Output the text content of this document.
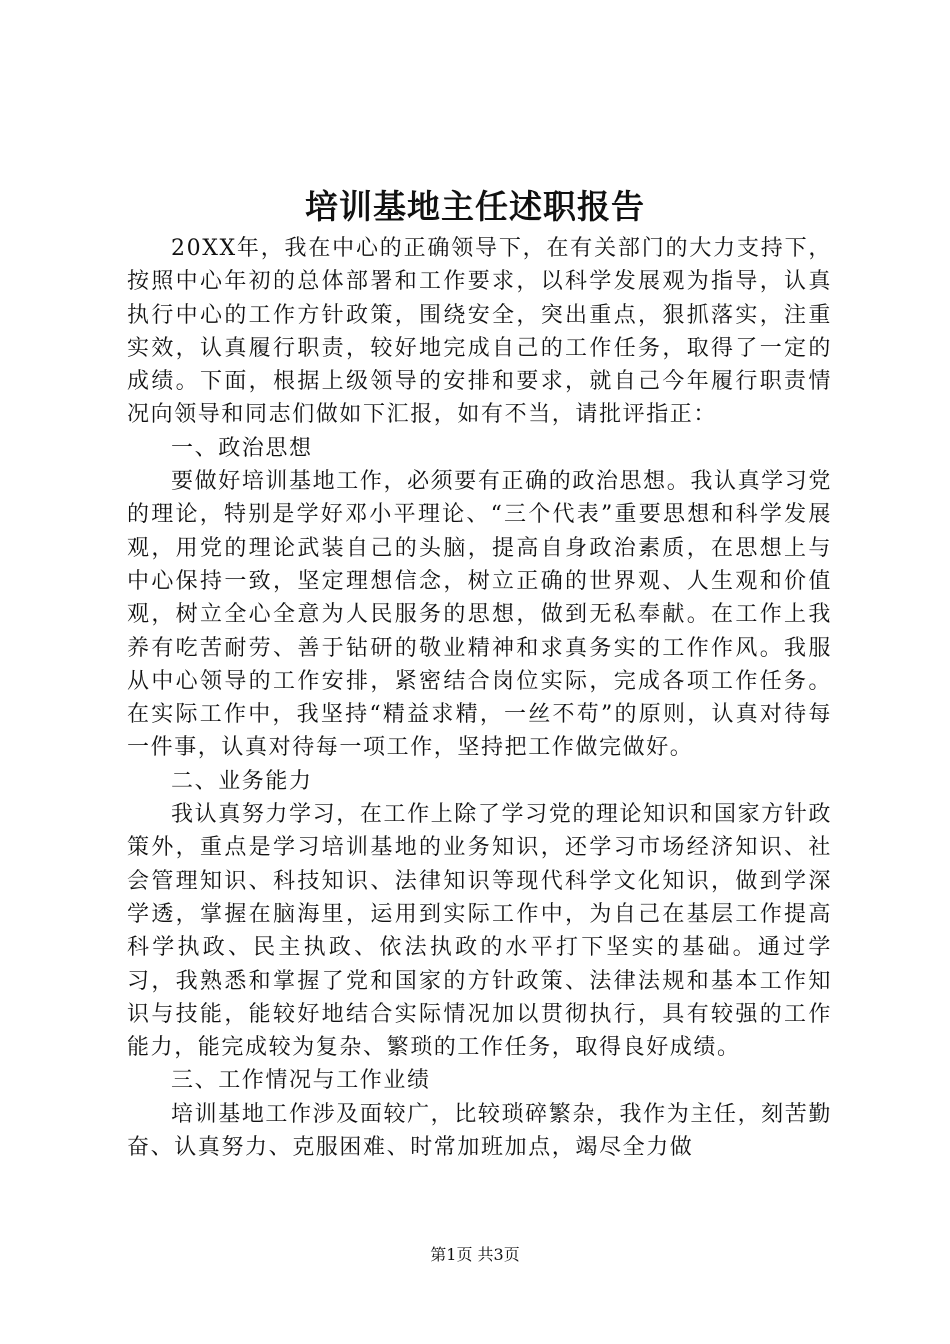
培训基地主任述职报告

20XX年，我在中心的正确领导下，在有关部门的大力支持下，按照中心年初的总体部署和工作要求，以科学发展观为指导，认真执行中心的工作方针政策，围绕安全，突出重点，狠抓落实，注重实效，认真履行职责，较好地完成自己的工作任务，取得了一定的成绩。下面，根据上级领导的安排和要求，就自己今年履行职责情况向领导和同志们做如下汇报，如有不当，请批评指正：

一、政治思想

要做好培训基地工作，必须要有正确的政治思想。我认真学习党的理论，特别是学好邓小平理论、“三个代表”重要思想和科学发展观，用党的理论武装自己的头脑，提高自身政治素质，在思想上与中心保持一致，坚定理想信念，树立正确的世界观、人生观和价值观，树立全心全意为人民服务的思想，做到无私奉献。在工作上我养有吃苦耐劳、善于钻研的敬业精神和求真务实的工作作风。我服从中心领导的工作安排，紧密结合岗位实际，完成各项工作任务。在实际工作中，我坚持“精益求精，一丝不苟”的原则，认真对待每一件事，认真对待每一项工作，坚持把工作做完做好。

二、业务能力

我认真努力学习，在工作上除了学习党的理论知识和国家方针政策外，重点是学习培训基地的业务知识，还学习市场经济知识、社会管理知识、科技知识、法律知识等现代科学文化知识，做到学深学透，掌握在脑海里，运用到实际工作中，为自己在基层工作提高科学执政、民主执政、依法执政的水平打下坚实的基础。通过学习，我熟悉和掌握了党和国家的方针政策、法律法规和基本工作知识与技能，能较好地结合实际情况加以贯彻执行，具有较强的工作能力，能完成较为复杂、繁琐的工作任务，取得良好成绩。

三、工作情况与工作业绩

培训基地工作涉及面较广，比较琐碎繁杂，我作为主任，刻苦勤奋、认真努力、克服困难、时常加班加点，竭尽全力做

第1页 共3页
